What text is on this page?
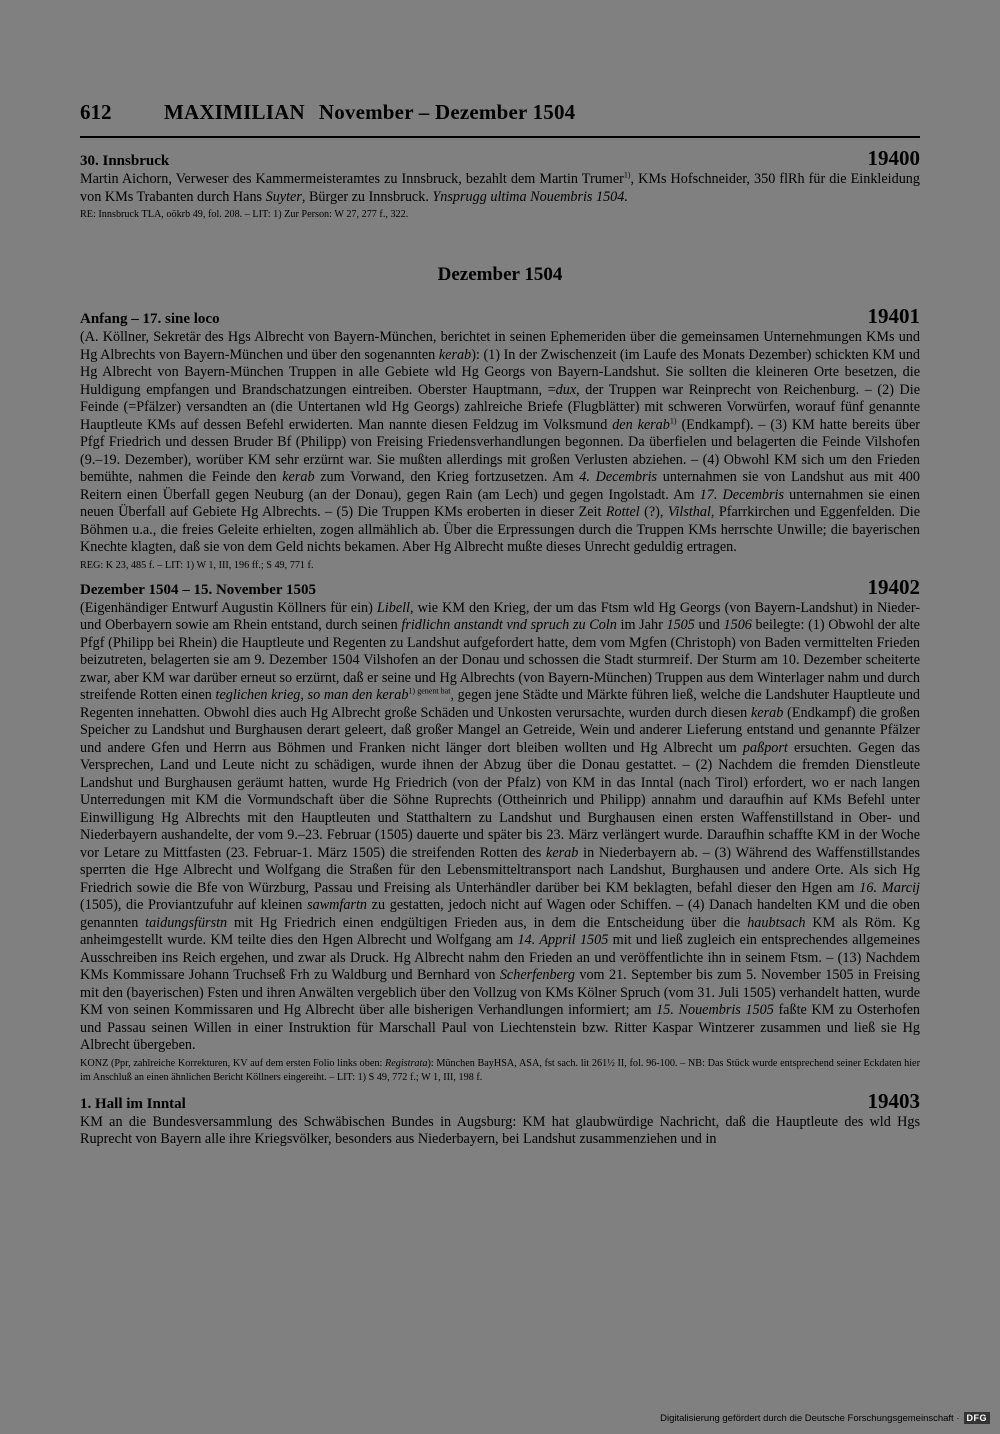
612	MAXIMILIAN November – Dezember 1504
30. Innsbruck	19400

Martin Aichorn, Verweser des Kammermeisteramtes zu Innsbruck, bezahlt dem Martin Trumer$^{1)}$, KMs Hofschneider, 350 flRh für die Einkleidung von KMs Trabanten durch Hans Suyter, Bürger zu Innsbruck. Ynsprugg ultima Nouembris 1504.

RE: Innsbruck TLA, oökrb 49, fol. 208. – LIT: 1) Zur Person: W 27, 277 f., 322.

Dezember 1504
Anfang – 17. sine loco	19401

(A. Köllner, Sekretär des Hgs Albrecht von Bayern-München, berichtet in seinen Ephemeriden über die gemeinsamen Unternehmungen KMs und Hg Albrechts von Bayern-München und über den sogenannten kerab): (1) In der Zwischenzeit (im Laufe des Monats Dezember) schickten KM und Hg Albrecht von Bayern-München Truppen in alle Gebiete wld Hg Georgs von Bayern-Landshut. Sie sollten die kleineren Orte besetzen, die Huldigung empfangen und Brandschatzungen eintreiben. Oberster Hauptmann, =dux, der Truppen war Reinprecht von Reichenburg. – (2) Die Feinde (=Pfälzer) versandten an (die Untertanen wld Hg Georgs) zahlreiche Briefe (Flugblätter) mit schweren Vorwürfen, worauf fünf genannte Hauptleute KMs auf dessen Befehl erwiderten. Man nannte diesen Feldzug im Volksmund den kerab$^{1)}$ (Endkampf). – (3) KM hatte bereits über Pfgf Friedrich und dessen Bruder Bf (Philipp) von Freising Friedensverhandlungen begonnen. Da überfielen und belagerten die Feinde Vilshofen (9.–19. Dezember), worüber KM sehr erzürnt war. Sie mußten allerdings mit großen Verlusten abziehen. – (4) Obwohl KM sich um den Frieden bemühte, nahmen die Feinde den kerab zum Vorwand, den Krieg fortzusetzen. Am 4. Decembris unternahmen sie von Landshut aus mit 400 Reitern einen Überfall gegen Neuburg (an der Donau), gegen Rain (am Lech) und gegen Ingolstadt. Am 17. Decembris unternahmen sie einen neuen Überfall auf Gebiete Hg Albrechts. – (5) Die Truppen KMs eroberten in dieser Zeit Rottel (?), Vilsthal, Pfarrkirchen und Eggenfelden. Die Böhmen u.a., die freies Geleite erhielten, zogen allmählich ab. Über die Erpressungen durch die Truppen KMs herrschte Unwille; die bayerischen Knechte klagten, daß sie von dem Geld nichts bekamen. Aber Hg Albrecht mußte dieses Unrecht geduldig ertragen.

REG: K 23, 485 f. – LIT: 1) W 1, III, 196 ff.; S 49, 771 f.

Dezember 1504 – 15. November 1505	19402

(Eigenhändiger Entwurf Augustin Köllners für ein) Libell, wie KM den Krieg, der um das Ftsm wld Hg Georgs (von Bayern-Landshut) in Nieder- und Oberbayern sowie am Rhein entstand, durch seinen fridlichn anstandt vnd spruch zu Coln im Jahr 1505 und 1506 beilegte: (1) Obwohl der alte Pfgf (Philipp bei Rhein) die Hauptleute und Regenten zu Landshut aufgefordert hatte, dem vom Mgfen (Christoph) von Baden vermittelten Frieden beizutreten, belagerten sie am 9. Dezember 1504 Vilshofen an der Donau und schossen die Stadt sturmreif. Der Sturm am 10. Dezember scheiterte zwar, aber KM war darüber erneut so erzürnt, daß er seine und Hg Albrechts (von Bayern-München) Truppen aus dem Winterlager nahm und durch streifende Rotten einen teglichen krieg, so man den kerab$^{1) genent hat}$, gegen jene Städte und Märkte führen ließ, welche die Landshuter Hauptleute und Regenten innehatten. Obwohl dies auch Hg Albrecht große Schäden und Unkosten verursachte, wurden durch diesen kerab (Endkampf) die großen Speicher zu Landshut und Burghausen derart geleert, daß großer Mangel an Getreide, Wein und anderer Lieferung entstand und genannte Pfälzer und andere Gfen und Herrn aus Böhmen und Franken nicht länger dort bleiben wollten und Hg Albrecht um paßport ersuchten. Gegen das Versprechen, Land und Leute nicht zu schädigen, wurde ihnen der Abzug über die Donau gestattet. – (2) Nachdem die fremden Dienstleute Landshut und Burghausen geräumt hatten, wurde Hg Friedrich (von der Pfalz) von KM in das Inntal (nach Tirol) erfordert, wo er nach langen Unterredungen mit KM die Vormundschaft über die Söhne Ruprechts (Ottheinrich und Philipp) annahm und daraufhin auf KMs Befehl unter Einwilligung Hg Albrechts mit den Hauptleuten und Statthaltern zu Landshut und Burghausen einen ersten Waffenstillstand in Ober- und Niederbayern aushandelte, der vom 9.–23. Februar (1505) dauerte und später bis 23. März verlängert wurde. Daraufhin schaffte KM in der Woche vor Letare zu Mittfasten (23. Februar-1. März 1505) die streifenden Rotten des kerab in Niederbayern ab. – (3) Während des Waffenstillstandes sperrten die Hge Albrecht und Wolfgang die Straßen für den Lebensmitteltransport nach Landshut, Burghausen und andere Orte. Als sich Hg Friedrich sowie die Bfe von Würzburg, Passau und Freising als Unterhändler darüber bei KM beklagten, befahl dieser den Hgen am 16. Marcij (1505), die Proviantzufuhr auf kleinen sawmfartn zu gestatten, jedoch nicht auf Wagen oder Schiffen. – (4) Danach handelten KM und die oben genannten taidungsfürstn mit Hg Friedrich einen endgültigen Frieden aus, in dem die Entscheidung über die haubtsach KM als Röm. Kg anheimgestellt wurde. KM teilte dies den Hgen Albrecht und Wolfgang am 14. Appril 1505 mit und ließ zugleich ein entsprechendes allgemeines Ausschreiben ins Reich ergehen, und zwar als Druck. Hg Albrecht nahm den Frieden an und veröffentlichte ihn in seinem Ftsm. – (13) Nachdem KMs Kommissare Johann Truchseß Frh zu Waldburg und Bernhard von Scherfenberg vom 21. September bis zum 5. November 1505 in Freising mit den (bayerischen) Fsten und ihren Anwälten vergeblich über den Vollzug von KMs Kölner Spruch (vom 31. Juli 1505) verhandelt hatten, wurde KM von seinen Kommissaren und Hg Albrecht über alle bisherigen Verhandlungen informiert; am 15. Nouembris 1505 faßte KM zu Osterhofen und Passau seinen Willen in einer Instruktion für Marschall Paul von Liechtenstein bzw. Ritter Kaspar Wintzerer zusammen und ließ sie Hg Albrecht übergeben.

KONZ (Ppr, zahlreiche Korrekturen, KV auf dem ersten Folio links oben: Registrata): München BayHSA, ASA, fst sach. lit 261½ II, fol. 96-100. – NB: Das Stück wurde entsprechend seiner Eckdaten hier im Anschluß an einen ähnlichen Bericht Köllners eingereiht. – LIT: 1) S 49, 772 f.; W 1, III, 198 f.

1. Hall im Inntal	19403

KM an die Bundesversammlung des Schwäbischen Bundes in Augsburg: KM hat glaubwürdige Nachricht, daß die Hauptleute des wld Hgs Ruprecht von Bayern alle ihre Kriegsvölker, besonders aus Niederbayern, bei Landshut zusammenziehen und in

Digitalisierung gefördert durch die Deutsche Forschungsgemeinschaft · DFG
